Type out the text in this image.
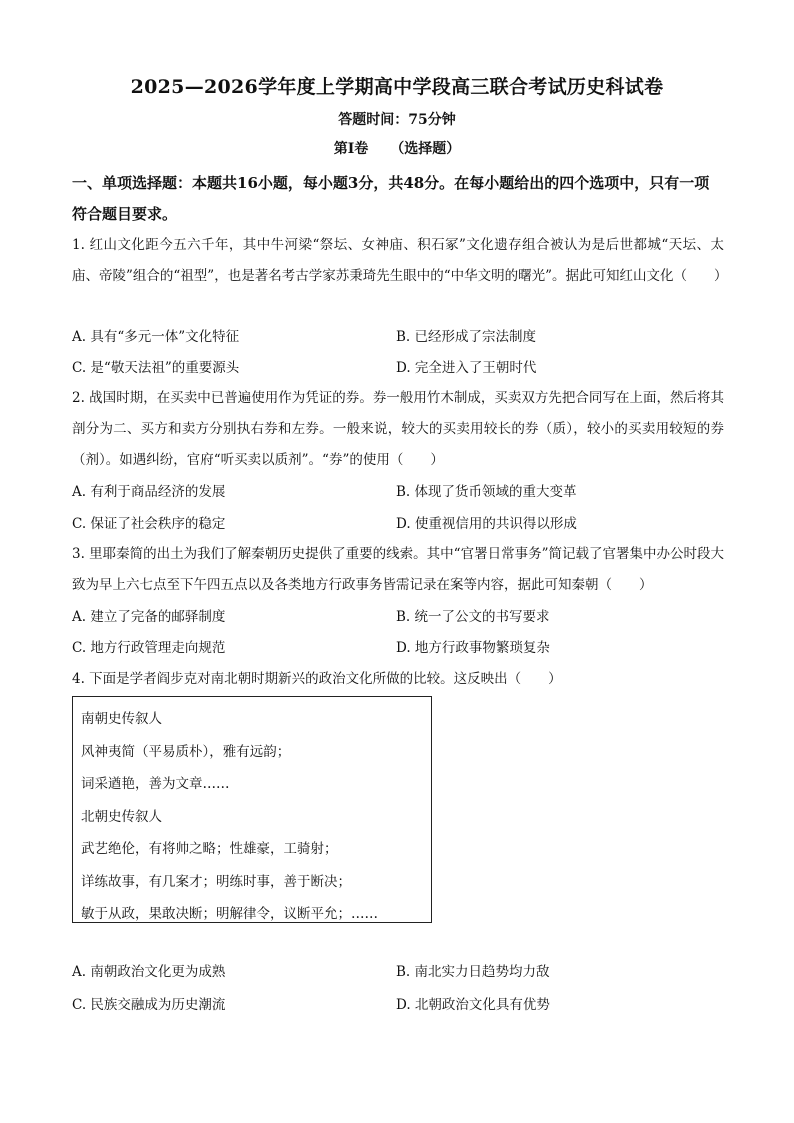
2025—2026学年度上学期高中学段高三联合考试历史科试卷
答题时间：75分钟
第Ⅰ卷 （选择题）
一、单项选择题：本题共16小题，每小题3分，共48分。在每小题给出的四个选项中，只有一项符合题目要求。
1. 红山文化距今五六千年，其中牛河梁“祭坛、女神庙、积石冢”文化遗存组合被认为是后世都城“天坛、太庙、帝陵”组合的“祖型”，也是著名考古学家苏秉琦先生眼中的“中华文明的曙光”。据此可知红山文化（　　）
A. 具有“多元一体”文化特征	B. 已经形成了宗法制度
C. 是“敬天法祖”的重要源头	D. 完全进入了王朝时代
2. 战国时期，在买卖中已普遍使用作为凭证的券。券一般用竹木制成，买卖双方先把合同写在上面，然后将其剖分为二、买方和卖方分别执右券和左券。一般来说，较大的买卖用较长的券（质），较小的买卖用较短的券（剂）。如遇纠纷，官府“听买卖以质剂”。“券”的使用（　　）
A. 有利于商品经济的发展	B. 体现了货币领域的重大变革
C. 保证了社会秩序的稳定	D. 使重视信用的共识得以形成
3. 里耶秦简的出土为我们了解秦朝历史提供了重要的线索。其中“官署日常事务”简记载了官署集中办公时段大致为早上六七点至下午四五点以及各类地方行政事务皆需记录在案等内容，据此可知秦朝（　　）
A. 建立了完备的邮驿制度	B. 统一了公文的书写要求
C. 地方行政管理走向规范	D. 地方行政事物繁琐复杂
4. 下面是学者阎步克对南北朝时期新兴的政治文化所做的比较。这反映出（　　）
南朝史传叙人
风神夷简（平易质朴），雅有远韵；
词采遒艳，善为文章……
北朝史传叙人
武艺绝伦，有将帅之略；性雄豪，工骑射；
详练故事，有几案才；明练时事，善于断决；
敏于从政，果敢决断；明解律令，议断平允；……
A. 南朝政治文化更为成熟	B. 南北实力日趋势均力敌
C. 民族交融成为历史潮流	D. 北朝政治文化具有优势
